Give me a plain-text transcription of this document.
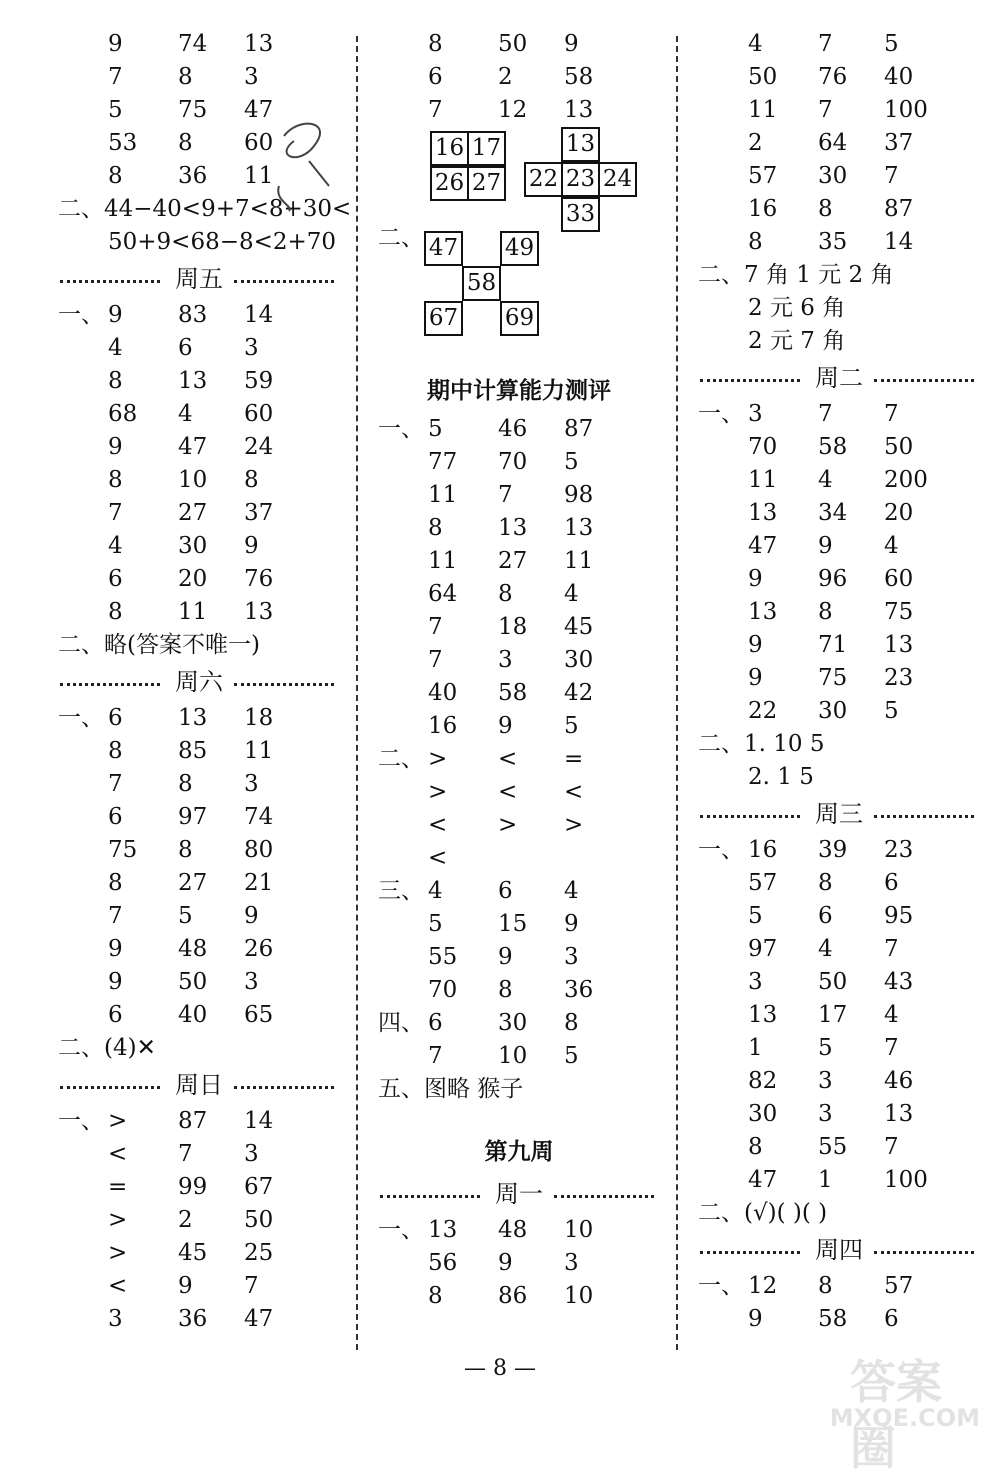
9 74 13
7 8 3
5 75 47
53 8 60
8 36 11
二、44−40<9+7<8+30<
50+9<68−8<2+70
周五
一、 9 83 14
4 6 3
8 13 59
68 4 60
9 47 24
8 10 8
7 27 37
4 30 9
6 20 76
8 11 13
二、略(答案不唯一)
周六
一、 6 13 18
8 85 11
7 8 3
6 97 74
75 8 80
8 27 21
7 5 9
9 48 26
9 50 3
6 40 65
二、(4)✕
周日
一、 > 87 14
< 7 3
= 99 67
> 2 50
> 45 25
< 9 7
3 36 47
8 50 9
6 2 58
7 12 13
二、
16 17
26 27
13
22 23 24
33
47 49
58
67 69
期中计算能力测评
一、 5 46 87
77 70 5
11 7 98
8 13 13
11 27 11
64 8 4
7 18 45
7 3 30
40 58 42
16 9 5
二、 > < =
> < <
< > >
<
三、 4 6 4
5 15 9
55 9 3
70 8 36
四、 6 30 8
7 10 5
五、图略 猴子
第九周
周一
一、 13 48 10
56 9 3
8 86 10
4 7 5
50 76 40
11 7 100
2 64 37
57 30 7
16 8 87
8 35 14
二、7 角 1 元 2 角
2 元 6 角
2 元 7 角
周二
一、 3 7 7
70 58 50
11 4 200
13 34 20
47 9 4
9 96 60
13 8 75
9 71 13
9 75 23
22 30 5
二、1. 10 5
2. 1 5
周三
一、 16 39 23
57 8 6
5 6 95
97 4 7
3 50 43
13 17 4
1 5 7
82 3 46
30 3 13
8 55 7
47 1 100
二、(√)( )( )
周四
一、 12 8 57
9 58 6
— 8 —	答案圈
MXQE.COM
